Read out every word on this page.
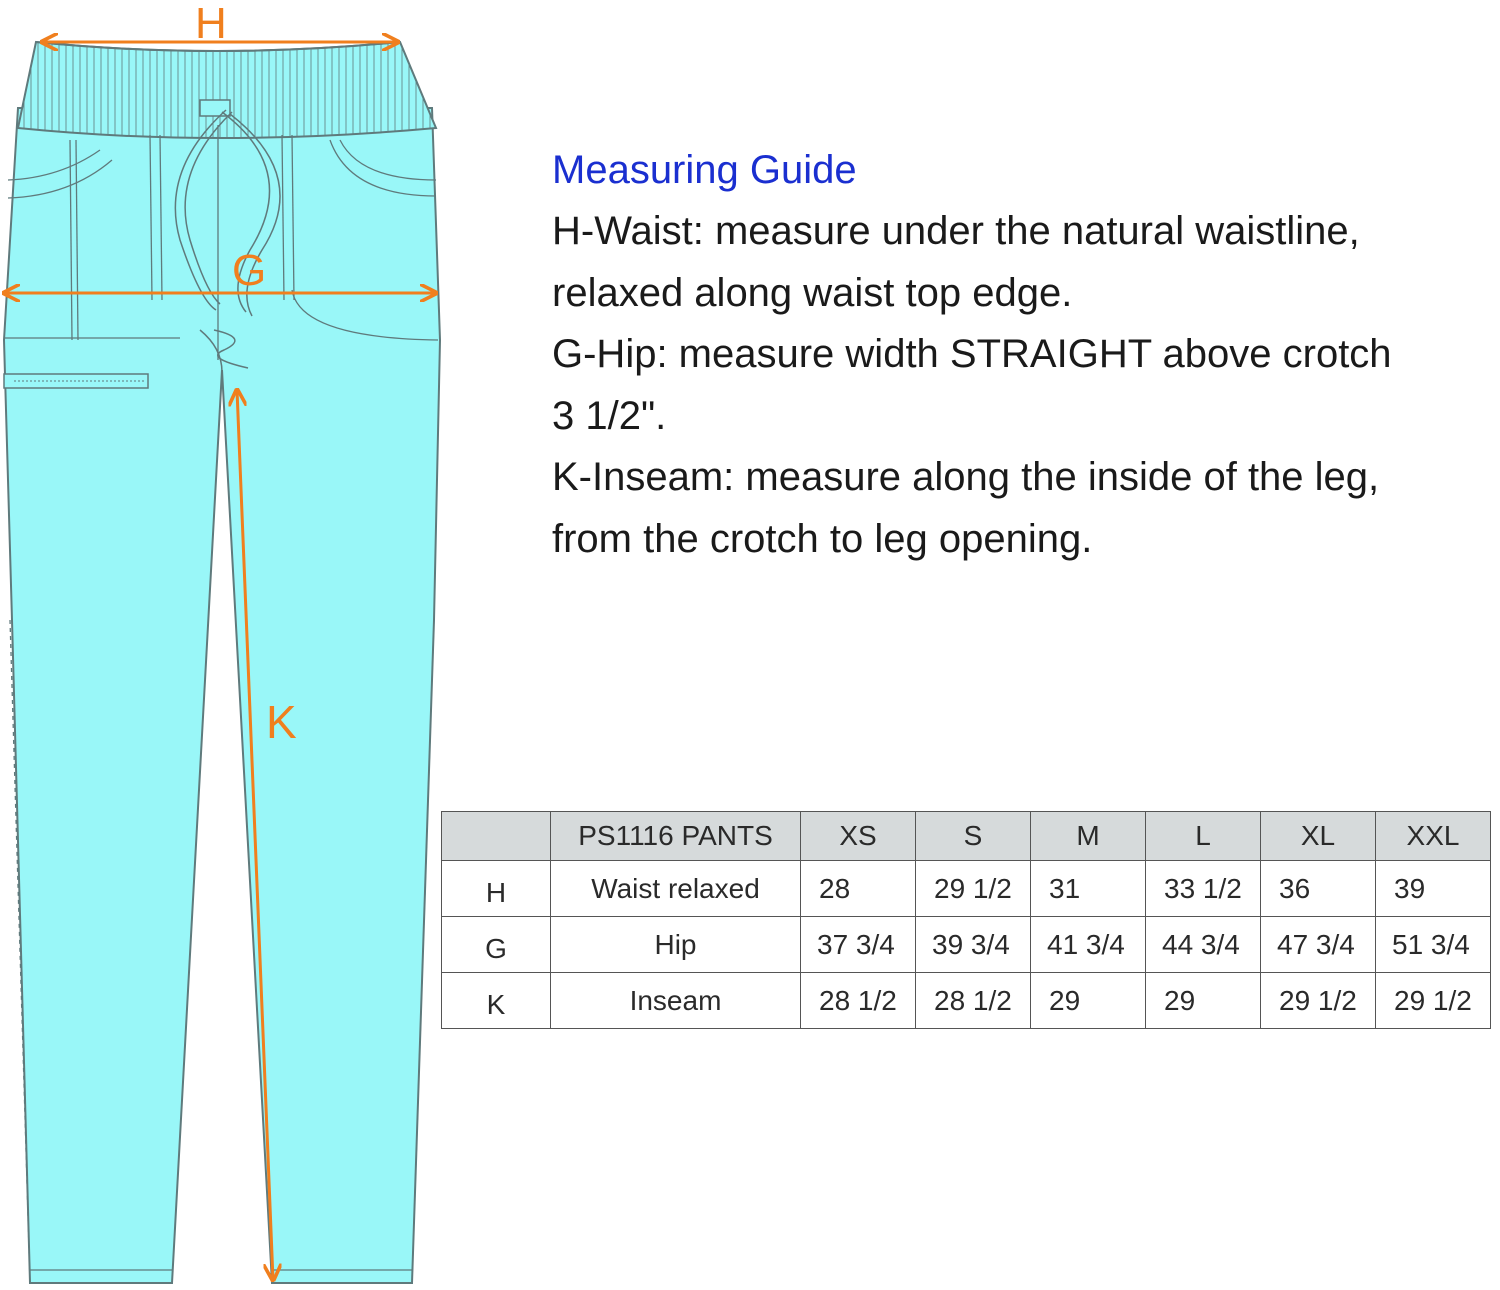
H
G
K
Measuring Guide
H-Waist: measure under the natural waistline,
relaxed along waist top edge.
G-Hip: measure width STRAIGHT above crotch
3 1/2".
K-Inseam: measure along the inside of the leg,
from the crotch to leg opening.
	PS1116 PANTS	XS	S	M	L	XL	XXL
H	Waist relaxed	28	29 1/2	31	33 1/2	36	39
G	Hip	37 3/4	39 3/4	41 3/4	44 3/4	47 3/4	51 3/4
K	Inseam	28 1/2	28 1/2	29	29	29 1/2	29 1/2
